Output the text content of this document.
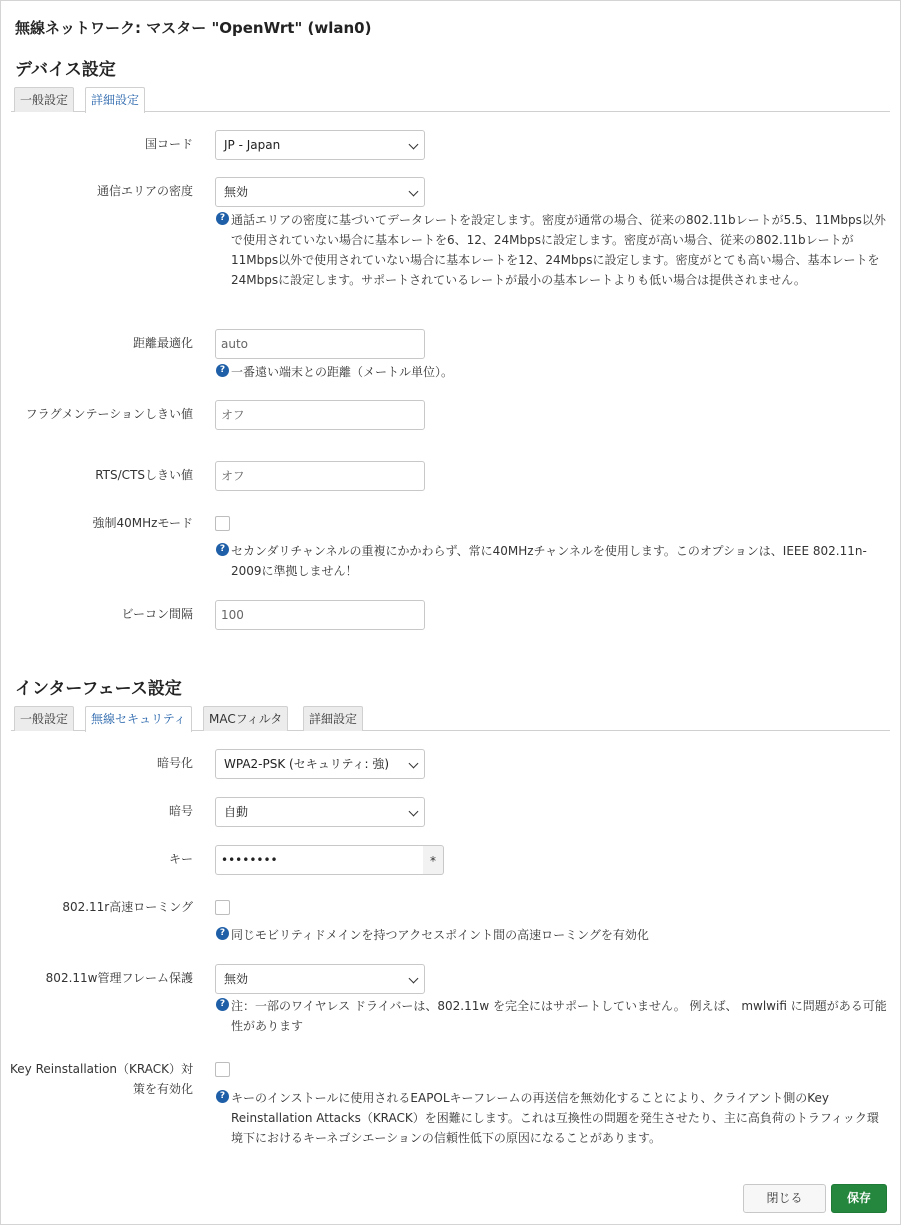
無線ネットワーク: マスター "OpenWrt" (wlan0)
デバイス設定
一般設定	詳細設定
国コード	JP - Japan
通信エリアの密度	無効
? 通話エリアの密度に基づいてデータレートを設定します。密度が通常の場合、従来の802.11bレートが5.5、11Mbps以外で使用されていない場合に基本レートを6、12、24Mbpsに設定します。密度が高い場合、従来の802.11bレートが11Mbps以外で使用されていない場合に基本レートを12、24Mbpsに設定します。密度がとても高い場合、基本レートを24Mbpsに設定します。サポートされているレートが最小の基本レートよりも低い場合は提供されません。
距離最適化	auto
? 一番遠い端末との距離（メートル単位）。
フラグメンテーションしきい値	オフ
RTS/CTSしきい値	オフ
強制40MHzモード
? セカンダリチャンネルの重複にかかわらず、常に40MHzチャンネルを使用します。このオプションは、IEEE 802.11n-2009に準拠しません！
ビーコン間隔	100
インターフェース設定
一般設定	無線セキュリティ	MACフィルタ	詳細設定
暗号化	WPA2-PSK (セキュリティ: 強)
暗号	自動
キー	••••••••	*
802.11r高速ローミング
? 同じモビリティドメインを持つアクセスポイント間の高速ローミングを有効化
802.11w管理フレーム保護	無効
? 注：一部のワイヤレス ドライバーは、802.11w を完全にはサポートしていません。 例えば、 mwlwifi に問題がある可能性があります
Key Reinstallation（KRACK）対策を有効化	? キーのインストールに使用されるEAPOLキーフレームの再送信を無効化することにより、クライアント側のKey Reinstallation Attacks（KRACK）を困難にします。これは互換性の問題を発生させたり、主に高負荷のトラフィック環境下におけるキーネゴシエーションの信頼性低下の原因になることがあります。
閉じる	保存
